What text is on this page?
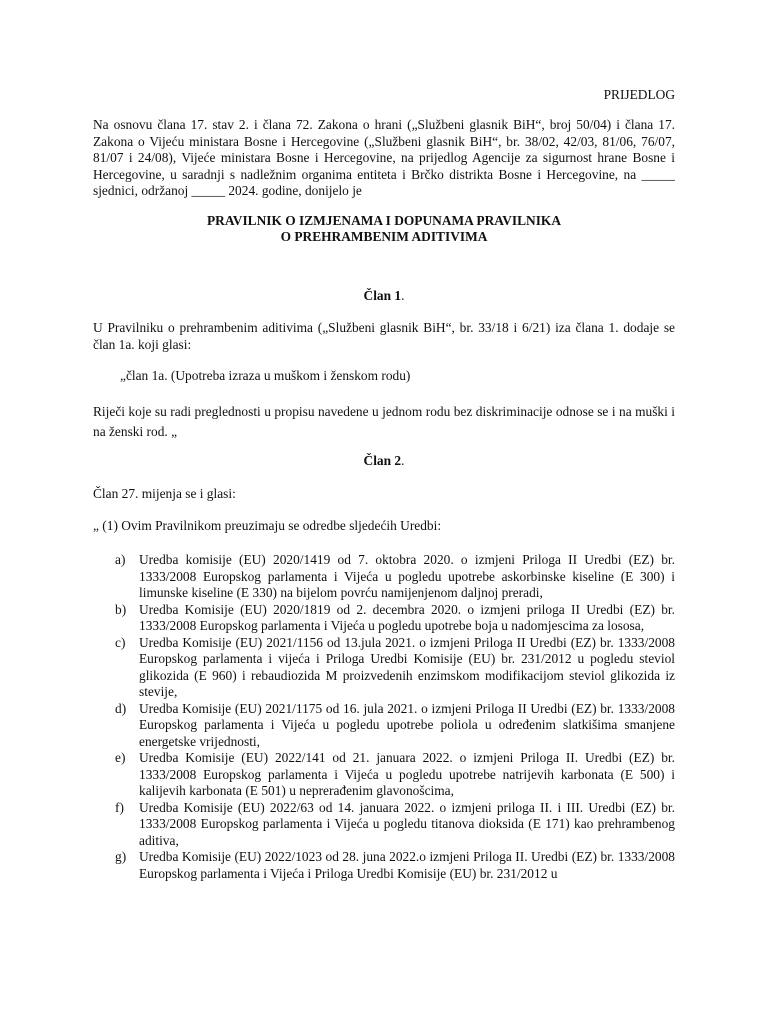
PRIJEDLOG

Na osnovu člana 17. stav 2. i člana 72. Zakona o hrani („Službeni glasnik BiH“, broj 50/04) i člana 17. Zakona o Vijeću ministara Bosne i Hercegovine („Službeni glasnik BiH“, br. 38/02, 42/03, 81/06, 76/07, 81/07 i 24/08), Vijeće ministara Bosne i Hercegovine, na prijedlog Agencije za sigurnost hrane Bosne i Hercegovine, u saradnji s nadležnim organima entiteta i Brčko distrikta Bosne i Hercegovine, na _____ sjednici, održanoj _____ 2024. godine, donijelo je

PRAVILNIK O IZMJENAMA I DOPUNAMA PRAVILNIKA
O PREHRAMBENIM ADITIVIMA
Član 1.

U Pravilniku o prehrambenim aditivima („Službeni glasnik BiH“, br. 33/18 i 6/21) iza člana 1. dodaje se član 1a. koji glasi:

„član 1a. (Upotreba izraza u muškom i ženskom rodu)

Riječi koje su radi preglednosti u propisu navedene u jednom rodu bez diskriminacije odnose se i na muški i na ženski rod. „

Član 2.
Član 27. mijenja se i glasi:
„ (1) Ovim Pravilnikom preuzimaju se odredbe sljedećih Uredbi:
a) Uredba komisije (EU) 2020/1419 od 7. oktobra 2020. o izmjeni Priloga II Uredbi (EZ) br. 1333/2008 Europskog parlamenta i Vijeća u pogledu upotrebe askorbinske kiseline (E 300) i limunske kiseline (E 330) na bijelom povrću namijenjenom daljnoj preradi,
b) Uredba Komisije (EU) 2020/1819 od 2. decembra 2020. o izmjeni priloga II Uredbi (EZ) br. 1333/2008 Europskog parlamenta i Vijeća u pogledu upotrebe boja u nadomjescima za lososa,
c) Uredba Komisije (EU) 2021/1156 od 13.jula 2021. o izmjeni Priloga II Uredbi (EZ) br. 1333/2008 Europskog parlamenta i vijeća i Priloga Uredbi Komisije (EU) br. 231/2012 u pogledu steviol glikozida (E 960) i rebaudiozida M proizvedenih enzimskom modifikacijom steviol glikozida iz stevije,
d) Uredba Komisije (EU) 2021/1175 od 16. jula 2021. o izmjeni Priloga II Uredbi (EZ) br. 1333/2008 Europskog parlamenta i Vijeća u pogledu upotrebe poliola u određenim slatkišima smanjene energetske vrijednosti,
e) Uredba Komisije (EU) 2022/141 od 21. januara 2022. o izmjeni Priloga II. Uredbi (EZ) br. 1333/2008 Europskog parlamenta i Vijeća u pogledu upotrebe natrijevih karbonata (E 500) i kalijevih karbonata (E 501) u neprerađenim glavonošcima,
f) Uredba Komisije (EU) 2022/63 od 14. januara 2022. o izmjeni priloga II. i III. Uredbi (EZ) br. 1333/2008 Europskog parlamenta i Vijeća u pogledu titanova dioksida (E 171) kao prehrambenog aditiva,
g) Uredba Komisije (EU) 2022/1023 od 28. juna 2022.o izmjeni Priloga II. Uredbi (EZ) br. 1333/2008 Europskog parlamenta i Vijeća i Priloga Uredbi Komisije (EU) br. 231/2012 u
